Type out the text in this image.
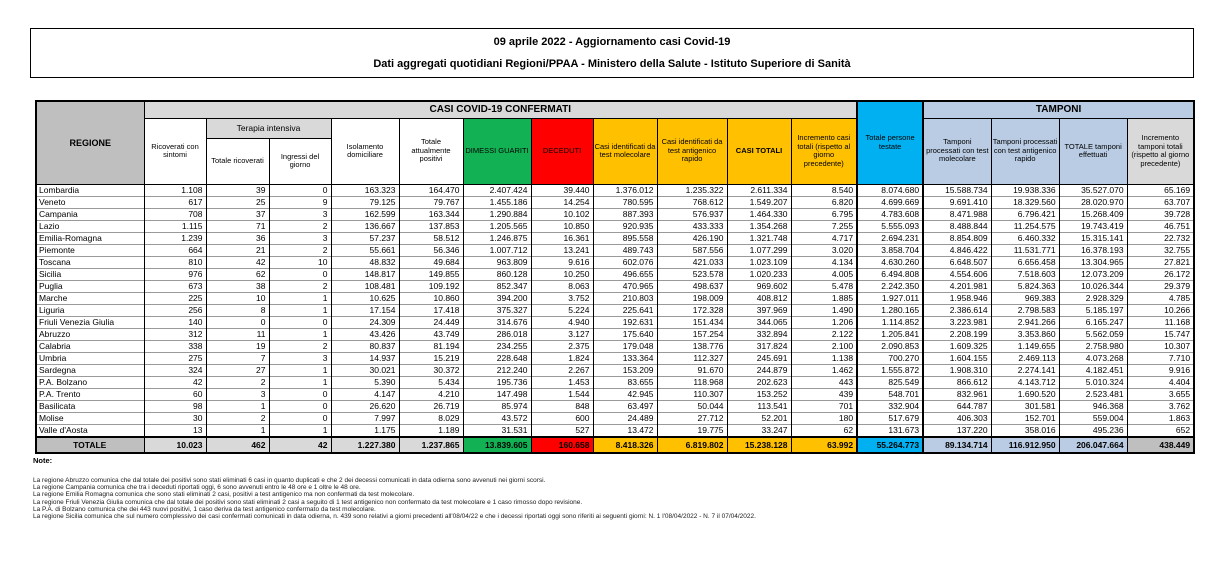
09 aprile 2022 - Aggiornamento casi Covid-19
Dati aggregati quotidiani Regioni/PPAA - Ministero della Salute - Istituto Superiore di Sanità
REGIONE	CASI COVID-19 CONFERMATI											Totale persone testate	TAMPONI			
	Ricoverati con sintomi	Terapia intensiva		Isolamento domiciliare	Totale attualmente positivi	DIMESSI GUARITI	DECEDUTI	Casi identificati da test molecolare	Casi identificati da test antigenico rapido	CASI TOTALI	Incremento casi totali (rispetto al giorno precedente)		Tamponi processati con test molecolare	Tamponi processati con test antigenico rapido	TOTALE tamponi effettuati	Incremento tamponi totali (rispetto al giorno precedente)
		Totale ricoverati	Ingressi del giorno													
Lombardia	1.108	39	0	163.323	164.470	2.407.424	39.440	1.376.012	1.235.322	2.611.334	8.540	8.074.680	15.588.734	19.938.336	35.527.070	65.169
Veneto	617	25	9	79.125	79.767	1.455.186	14.254	780.595	768.612	1.549.207	6.820	4.699.669	9.691.410	18.329.560	28.020.970	63.707
Campania	708	37	3	162.599	163.344	1.290.884	10.102	887.393	576.937	1.464.330	6.795	4.783.608	8.471.988	6.796.421	15.268.409	39.728
Lazio	1.115	71	2	136.667	137.853	1.205.565	10.850	920.935	433.333	1.354.268	7.255	5.555.093	8.488.844	11.254.575	19.743.419	46.751
Emilia-Romagna	1.239	36	3	57.237	58.512	1.246.875	16.361	895.558	426.190	1.321.748	4.717	2.694.231	8.854.809	6.460.332	15.315.141	22.732
Piemonte	664	21	2	55.661	56.346	1.007.712	13.241	489.743	587.556	1.077.299	3.020	3.858.704	4.846.422	11.531.771	16.378.193	32.755
Toscana	810	42	10	48.832	49.684	963.809	9.616	602.076	421.033	1.023.109	4.134	4.630.260	6.648.507	6.656.458	13.304.965	27.821
Sicilia	976	62	0	148.817	149.855	860.128	10.250	496.655	523.578	1.020.233	4.005	6.494.808	4.554.606	7.518.603	12.073.209	26.172
Puglia	673	38	2	108.481	109.192	852.347	8.063	470.965	498.637	969.602	5.478	2.242.350	4.201.981	5.824.363	10.026.344	29.379
Marche	225	10	1	10.625	10.860	394.200	3.752	210.803	198.009	408.812	1.885	1.927.011	1.958.946	969.383	2.928.329	4.785
Liguria	256	8	1	17.154	17.418	375.327	5.224	225.641	172.328	397.969	1.490	1.280.165	2.386.614	2.798.583	5.185.197	10.266
Friuli Venezia Giulia	140	0	0	24.309	24.449	314.676	4.940	192.631	151.434	344.065	1.206	1.114.852	3.223.981	2.941.266	6.165.247	11.168
Abruzzo	312	11	1	43.426	43.749	286.018	3.127	175.640	157.254	332.894	2.122	1.205.841	2.208.199	3.353.860	5.562.059	15.747
Calabria	338	19	2	80.837	81.194	234.255	2.375	179.048	138.776	317.824	2.100	2.090.853	1.609.325	1.149.655	2.758.980	10.307
Umbria	275	7	3	14.937	15.219	228.648	1.824	133.364	112.327	245.691	1.138	700.270	1.604.155	2.469.113	4.073.268	7.710
Sardegna	324	27	1	30.021	30.372	212.240	2.267	153.209	91.670	244.879	1.462	1.555.872	1.908.310	2.274.141	4.182.451	9.916
P.A. Bolzano	42	2	1	5.390	5.434	195.736	1.453	83.655	118.968	202.623	443	825.549	866.612	4.143.712	5.010.324	4.404
P.A. Trento	60	3	0	4.147	4.210	147.498	1.544	42.945	110.307	153.252	439	548.701	832.961	1.690.520	2.523.481	3.655
Basilicata	98	1	0	26.620	26.719	85.974	848	63.497	50.044	113.541	701	332.904	644.787	301.581	946.368	3.762
Molise	30	2	0	7.997	8.029	43.572	600	24.489	27.712	52.201	180	517.679	406.303	152.701	559.004	1.863
Valle d'Aosta	13	1	1	1.175	1.189	31.531	527	13.472	19.775	33.247	62	131.673	137.220	358.016	495.236	652
TOTALE	10.023	462	42	1.227.380	1.237.865	13.839.605	160.658	8.418.326	6.819.802	15.238.128	63.992	55.264.773	89.134.714	116.912.950	206.047.664	438.449
Note:
La regione Abruzzo comunica che dal totale dei positivi sono stati eliminati 6 casi in quanto duplicati e che 2 dei decessi comunicati in data odierna sono avvenuti nei giorni scorsi.
La regione Campania comunica che tra i deceduti riportati oggi, 6 sono avvenuti entro le 48 ore e 1 oltre le 48 ore.
La regione Emilia Romagna comunica che sono stati eliminati 2 casi, positivi a test antigenico ma non confermati da test molecolare.
La regione Friuli Venezia Giulia comunica che dal totale dei positivi sono stati eliminati 2 casi a seguito di 1 test antigenico non confermato da test molecolare e 1 caso rimosso dopo revisione.
La P.A. di Bolzano comunica che dei 443 nuovi positivi, 1 caso deriva da test antigenico confermato da test molecolare.
La regione Sicilia comunica che sul numero complessivo dei casi confermati comunicati in data odierna, n. 439 sono relativi a giorni precedenti all'08/04/22 e che i decessi riportati oggi sono riferiti ai seguenti giorni: N. 1 l'08/04/2022 - N. 7 il 07/04/2022.
